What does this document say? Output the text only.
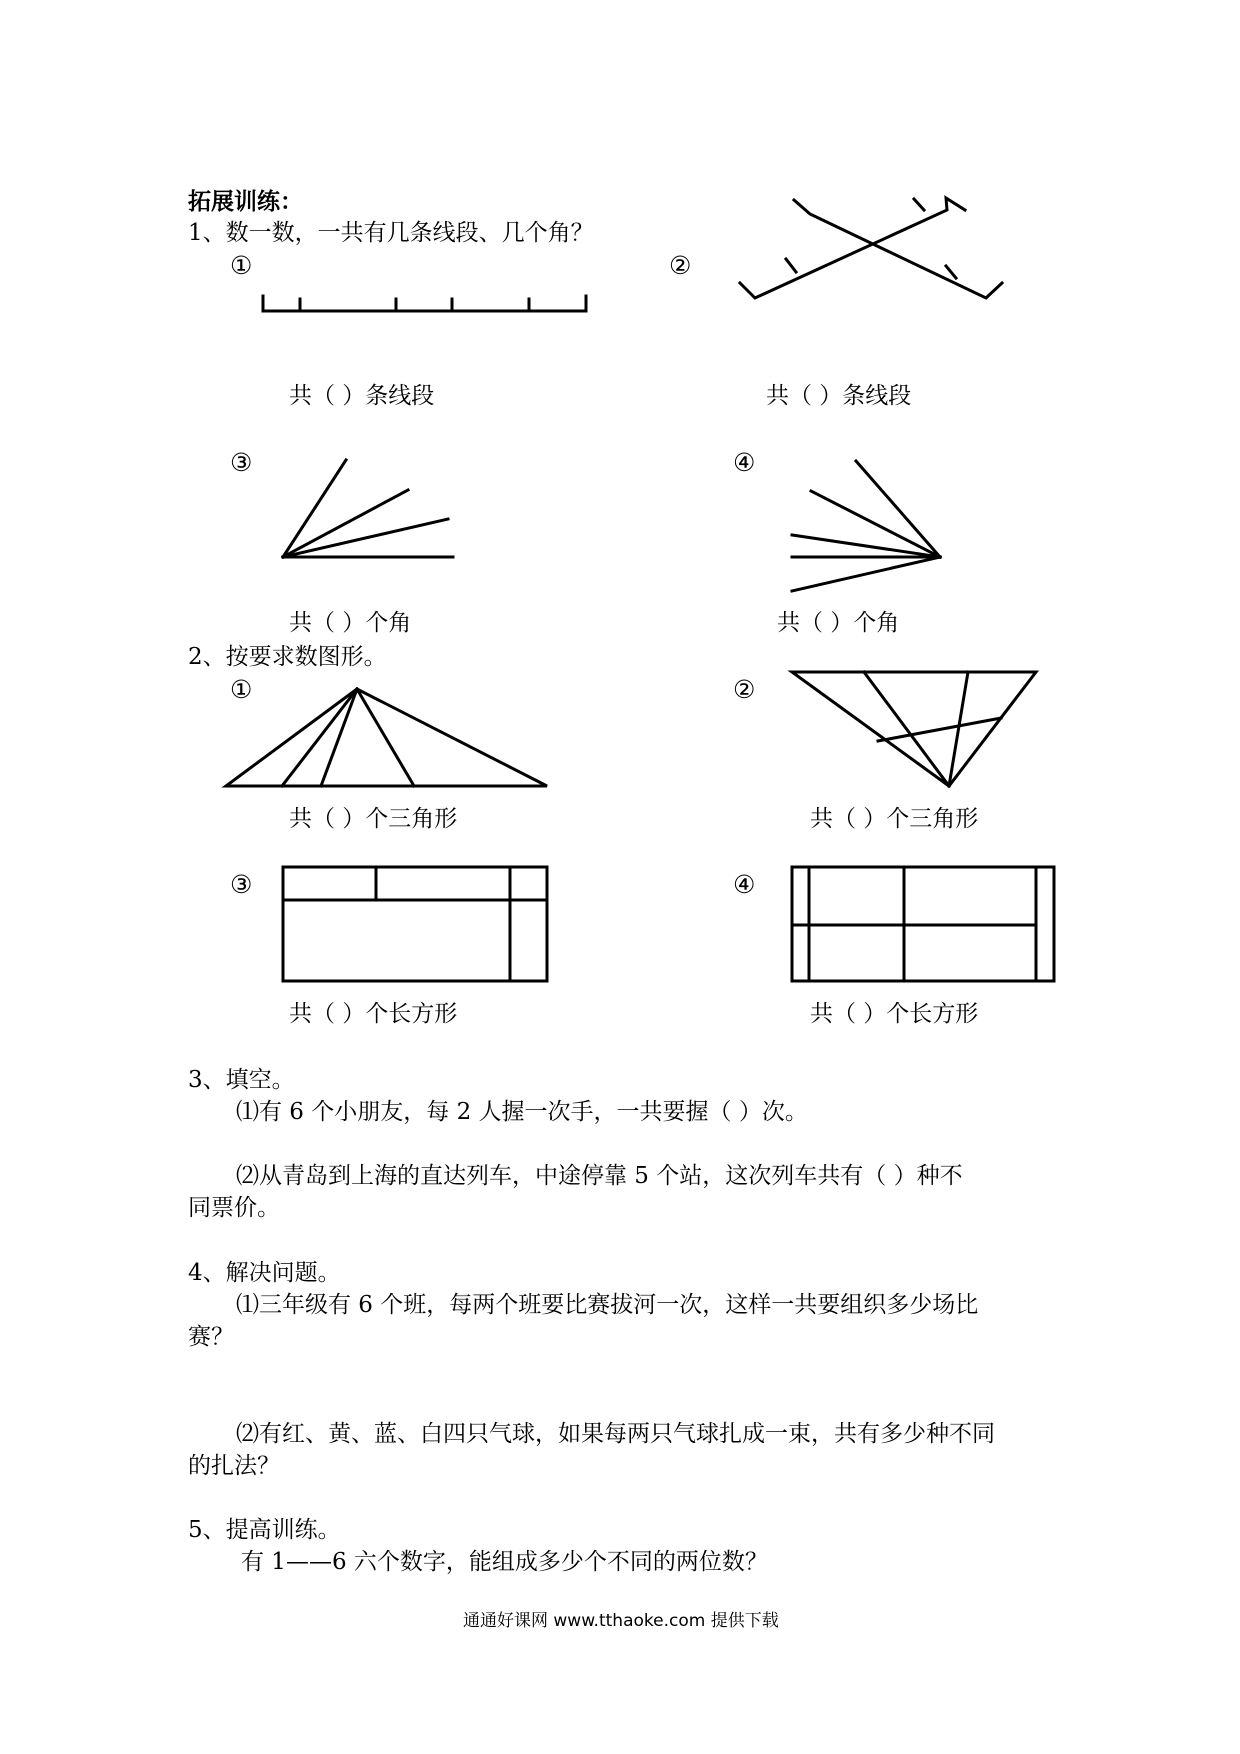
拓展训练：
1、数一数，一共有几条线段、几个角？
①	②
共（ ）条线段	共（ ）条线段
③	④
共（ ）个角	共（ ）个角
2、按要求数图形。
①	②
共（ ）个三角形	共（ ）个三角形
③	④
共（ ）个长方形	共（ ）个长方形
3、填空。
⑴有 6 个小朋友，每 2 人握一次手，一共要握（ ）次。
⑵从青岛到上海的直达列车，中途停靠 5 个站，这次列车共有（ ）种不
同票价。
4、解决问题。
⑴三年级有 6 个班，每两个班要比赛拔河一次，这样一共要组织多少场比
赛？
⑵有红、黄、蓝、白四只气球，如果每两只气球扎成一束，共有多少种不同
的扎法？
5、提高训练。
有 1——6 六个数字，能组成多少个不同的两位数？
通通好课网 www.tthaoke.com 提供下载
